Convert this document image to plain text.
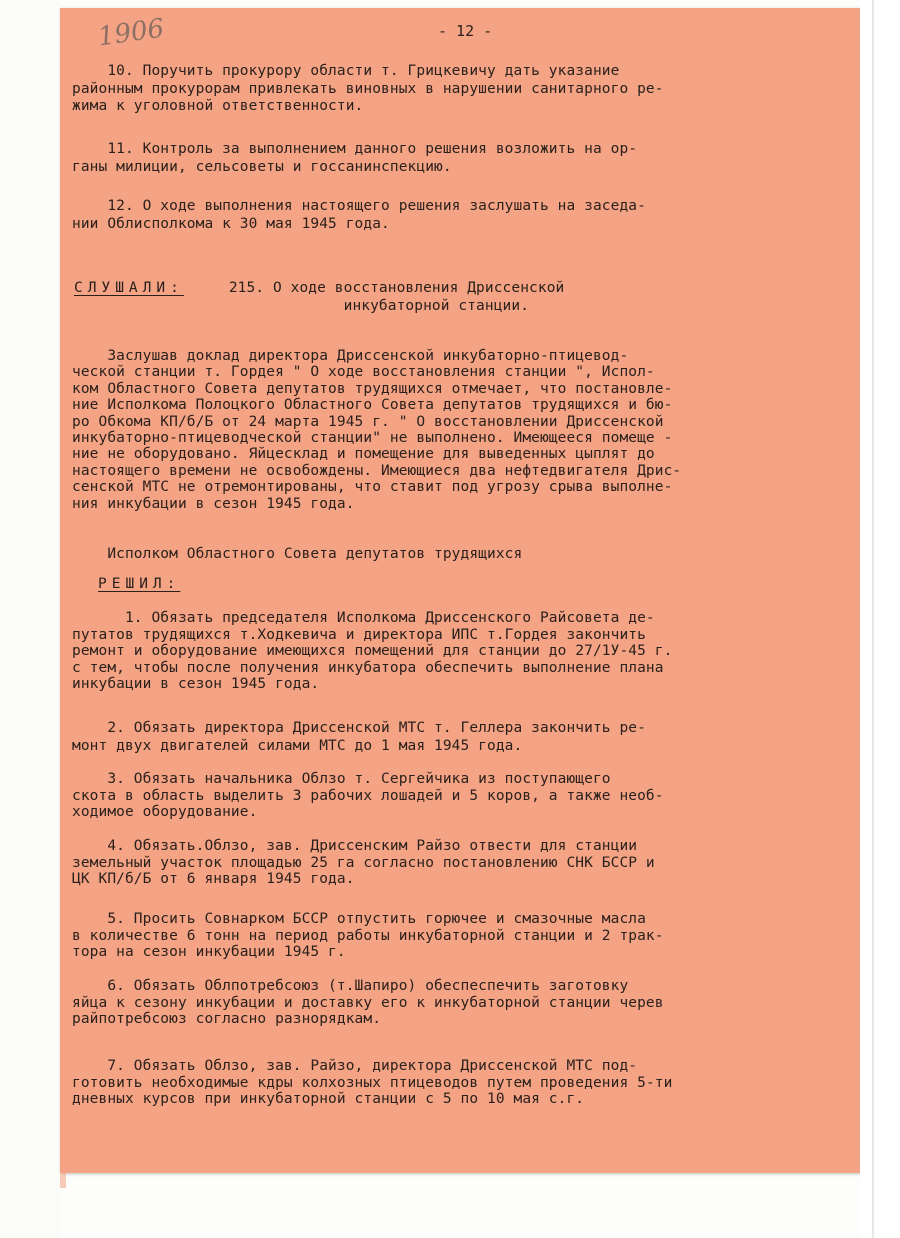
- 12 -
1906
10. Поручить прокурору области т. Грицкевичу дать указание
районным прокурорам привлекать виновных в нарушении санитарного ре-
жима к уголовной ответственности.
11. Контроль за выполнением данного решения возложить на ор-
ганы милиции, сельсоветы и госсанинспекцию.
12. О ходе выполнения настоящего решения заслушать на заседа-
нии Облисполкома к 30 мая 1945 года.
СЛУШАЛИ:	215. О ходе восстановления Дриссенской
инкубаторной станции.
Заслушав доклад директора Дриссенской инкубаторно-птицевод-
ческой станции т. Гордея " О ходе восстановления станции ", Испол-
ком Областного Совета депутатов трудящихся отмечает, что постановле-
ние Исполкома Полоцкого Областного Совета депутатов трудящихся и бю-
ро Обкома КП/б/Б от 24 марта 1945 г. " О восстановлении Дриссенской
инкубаторно-птицеводческой станции" не выполнено. Имеющееся помеще -
ние не оборудовано. Яйцесклад и помещение для выведенных цыплят до
настоящего времени не освобождены. Имеющиеся два нефтедвигателя Дрис-
сенской МТС не отремонтированы, что ставит под угрозу срыва выполне-
ния инкубации в сезон 1945 года.
Исполком Областного Совета депутатов трудящихся
РЕШИЛ:
1. Обязать председателя Исполкома Дриссенского Райсовета де-
путатов трудящихся т.Ходкевича и директора ИПС т.Гордея закончить
ремонт и оборудование имеющихся помещений для станции до 27/1У-45 г.
с тем, чтобы после получения инкубатора обеспечить выполнение плана
инкубации в сезон 1945 года.
2. Обязать директора Дриссенской МТС т. Геллера закончить ре-
монт двух двигателей силами МТС до 1 мая 1945 года.
3. Обязать начальника Облзо т. Сергейчика из поступающего
скота в область выделить 3 рабочих лошадей и 5 коров, а также необ-
ходимое оборудование.
4. Обязать.Облзо, зав. Дриссенским Райзо отвести для станции
земельный участок площадью 25 га согласно постановлению СНК БССР и
ЦК КП/б/Б от 6 января 1945 года.
5. Просить Совнарком БССР отпустить горючее и смазочные масла
в количестве 6 тонн на период работы инкубаторной станции и 2 трак-
тора на сезон инкубации 1945 г.
6. Обязать Облпотребсоюз (т.Шапиро) обеспеспечить заготовку
яйца к сезону инкубации и доставку его к инкубаторной станции черев
райпотребсоюз согласно разнорядкам.
7. Обязать Облзо, зав. Райзо, директора Дриссенской МТС под-
готовить необходимые кдры колхозных птицеводов путем проведения 5-ти
дневных курсов при инкубаторной станции с 5 по 10 мая с.г.
